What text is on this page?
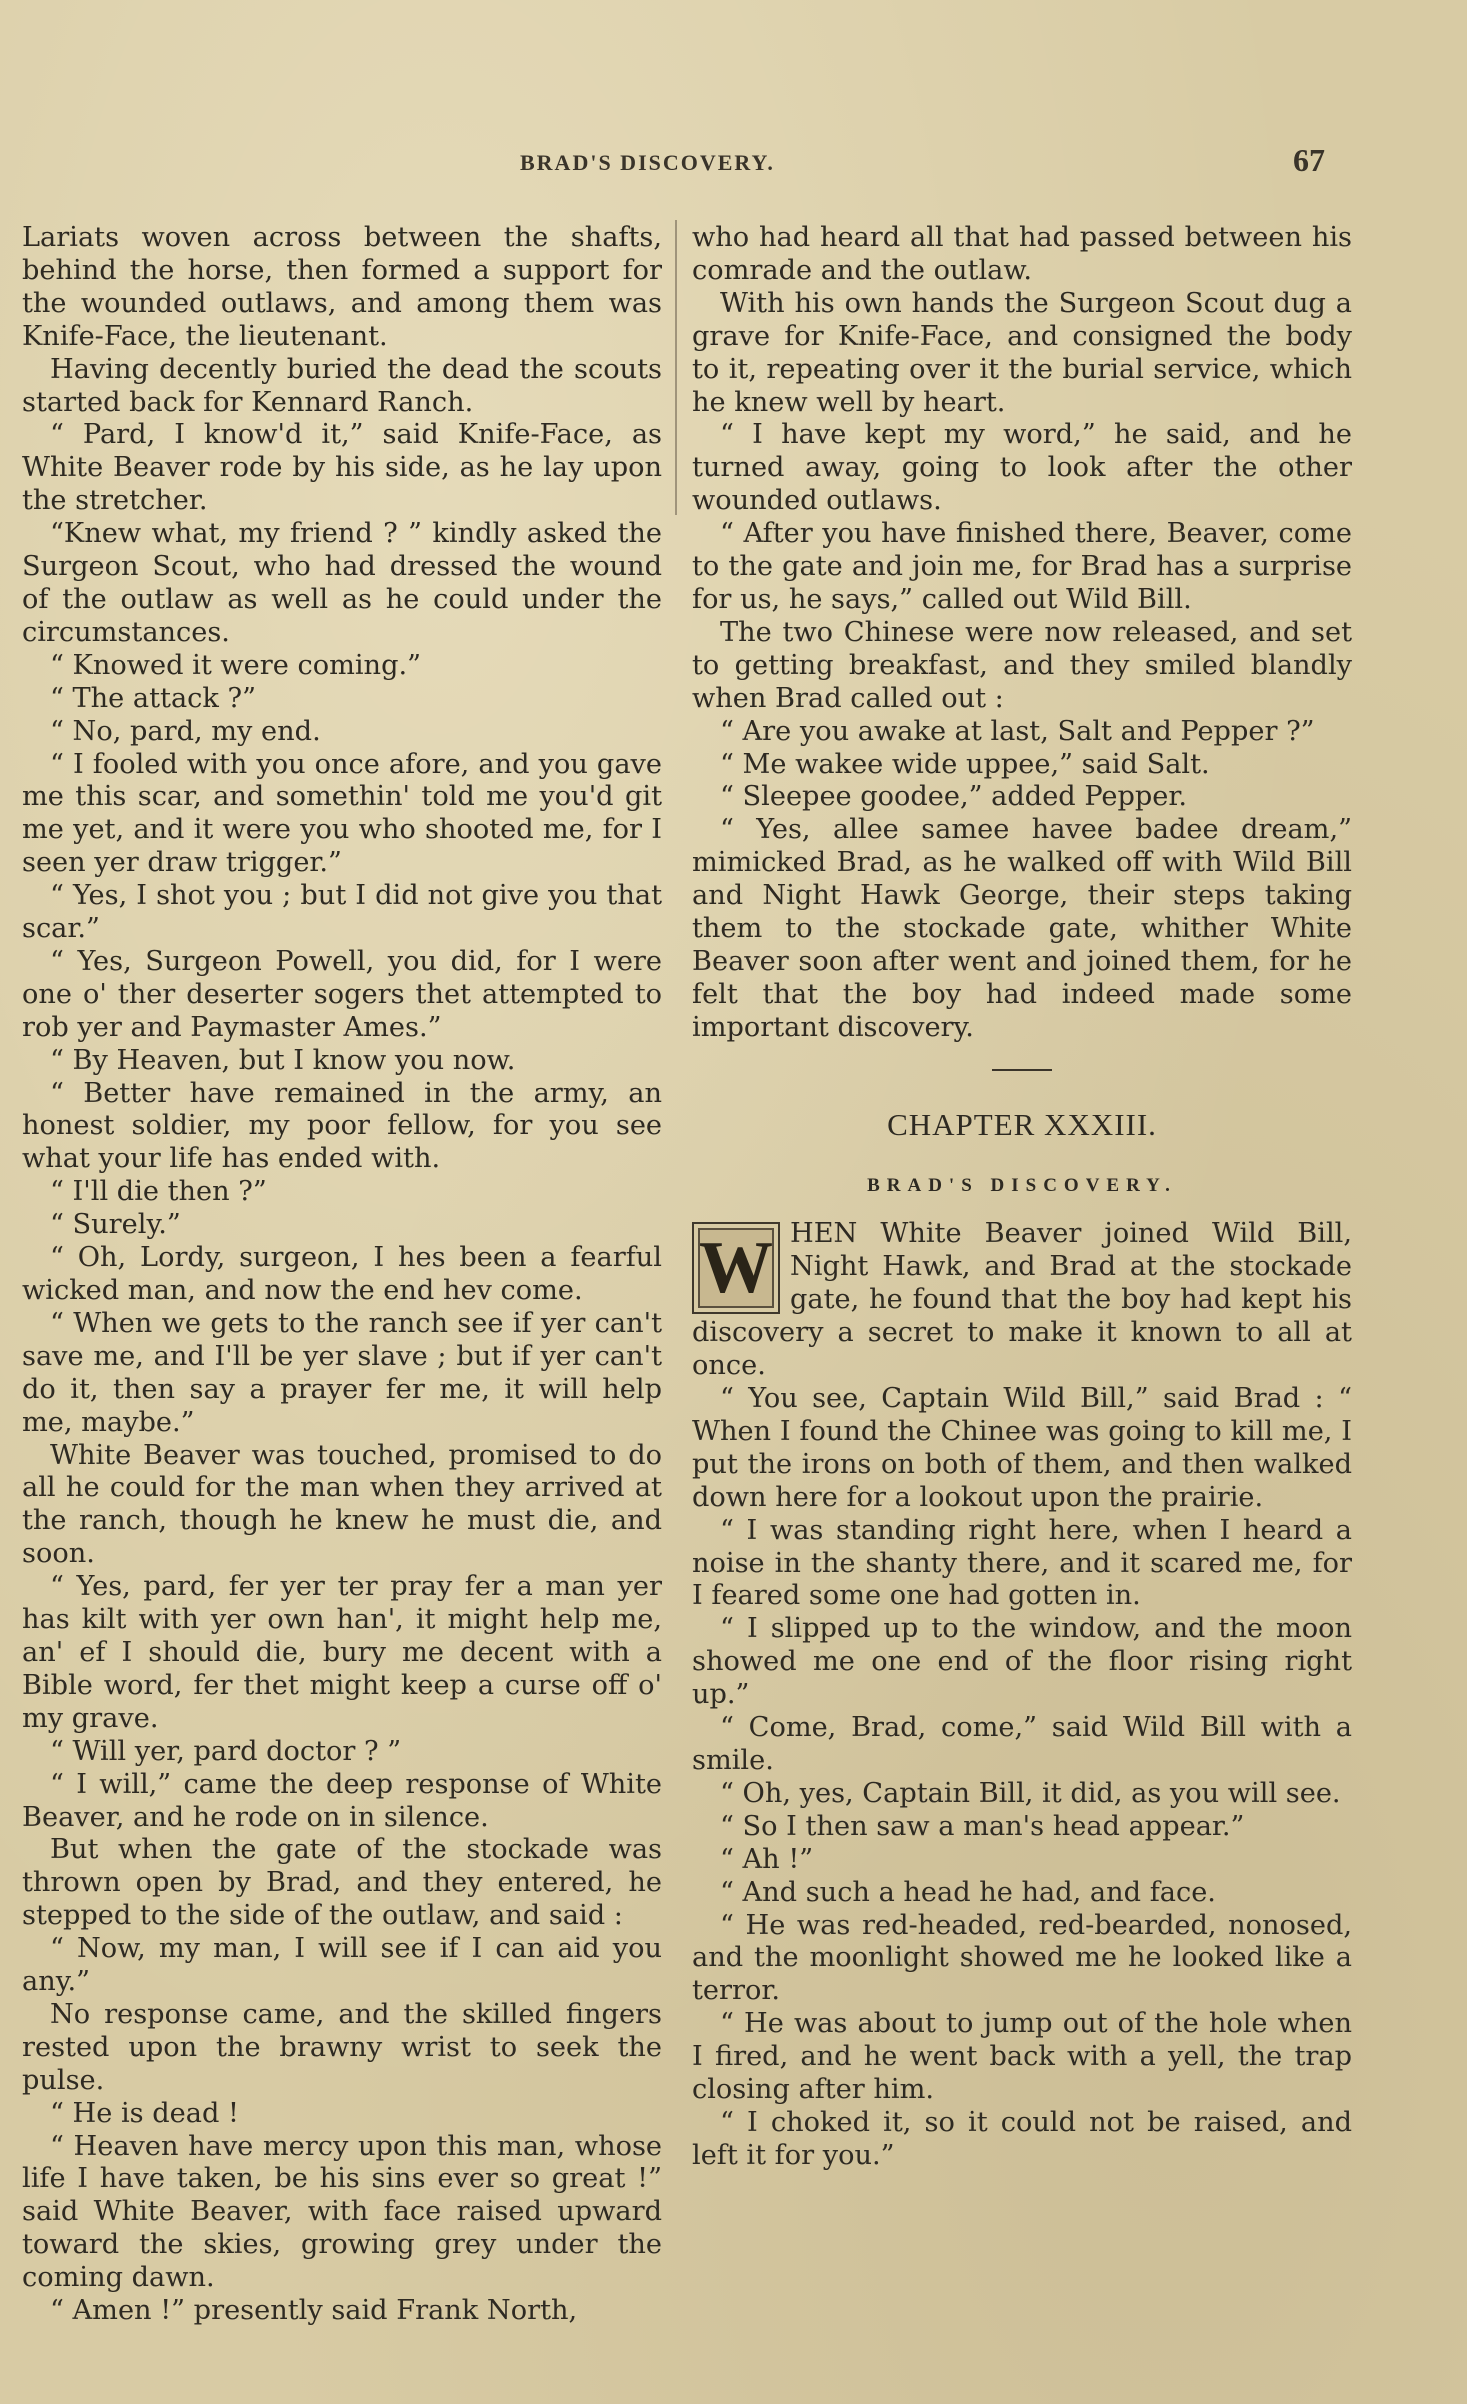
BRAD'S DISCOVERY.	67

Lariats woven across between the shafts, behind the horse, then formed a support for the wounded outlaws, and among them was Knife-Face, the lieutenant.

Having decently buried the dead the scouts started back for Kennard Ranch.

“ Pard, I know'd it,” said Knife-Face, as White Beaver rode by his side, as he lay upon the stretcher.

“Knew what, my friend ? ” kindly asked the Surgeon Scout, who had dressed the wound of the outlaw as well as he could under the circumstances.

“ Knowed it were coming.”

“ The attack ?”

“ No, pard, my end.

“ I fooled with you once afore, and you gave me this scar, and somethin' told me you'd git me yet, and it were you who shooted me, for I seen yer draw trigger.”

“ Yes, I shot you ; but I did not give you that scar.”

“ Yes, Surgeon Powell, you did, for I were one o' ther deserter sogers thet attempted to rob yer and Paymaster Ames.”

“ By Heaven, but I know you now.

“ Better have remained in the army, an honest soldier, my poor fellow, for you see what your life has ended with.

“ I'll die then ?”

“ Surely.”

“ Oh, Lordy, surgeon, I hes been a fearful wicked man, and now the end hev come.

“ When we gets to the ranch see if yer can't save me, and I'll be yer slave ; but if yer can't do it, then say a prayer fer me, it will help me, maybe.”

White Beaver was touched, promised to do all he could for the man when they arrived at the ranch, though he knew he must die, and soon.

“ Yes, pard, fer yer ter pray fer a man yer has kilt with yer own han', it might help me, an' ef I should die, bury me decent with a Bible word, fer thet might keep a curse off o' my grave.

“ Will yer, pard doctor ? ”

“ I will,” came the deep response of White Beaver, and he rode on in silence.

But when the gate of the stockade was thrown open by Brad, and they entered, he stepped to the side of the outlaw, and said :

“ Now, my man, I will see if I can aid you any.”

No response came, and the skilled fingers rested upon the brawny wrist to seek the pulse.

“ He is dead !

“ Heaven have mercy upon this man, whose life I have taken, be his sins ever so great !” said White Beaver, with face raised upward toward the skies, growing grey under the coming dawn.

“ Amen !” presently said Frank North,

who had heard all that had passed between his comrade and the outlaw.

With his own hands the Surgeon Scout dug a grave for Knife-Face, and consigned the body to it, repeating over it the burial service, which he knew well by heart.

“ I have kept my word,” he said, and he turned away, going to look after the other wounded outlaws.

“ After you have finished there, Beaver, come to the gate and join me, for Brad has a surprise for us, he says,” called out Wild Bill.

The two Chinese were now released, and set to getting breakfast, and they smiled blandly when Brad called out :

“ Are you awake at last, Salt and Pepper ?”

“ Me wakee wide uppee,” said Salt.

“ Sleepee goodee,” added Pepper.

“ Yes, allee samee havee badee dream,” mimicked Brad, as he walked off with Wild Bill and Night Hawk George, their steps taking them to the stockade gate, whither White Beaver soon after went and joined them, for he felt that the boy had indeed made some important discovery.

CHAPTER XXXIII.
BRAD'S DISCOVERY.
W HEN White Beaver joined Wild Bill, Night Hawk, and Brad at the stockade gate, he found that the boy had kept his discovery a secret to make it known to all at once.

“ You see, Captain Wild Bill,” said Brad : “ When I found the Chinee was going to kill me, I put the irons on both of them, and then walked down here for a lookout upon the prairie.

“ I was standing right here, when I heard a noise in the shanty there, and it scared me, for I feared some one had gotten in.

“ I slipped up to the window, and the moon showed me one end of the floor rising right up.”

“ Come, Brad, come,” said Wild Bill with a smile.

“ Oh, yes, Captain Bill, it did, as you will see.

“ So I then saw a man's head appear.”

“ Ah !”

“ And such a head he had, and face.

“ He was red-headed, red-bearded, nonosed, and the moonlight showed me he looked like a terror.

“ He was about to jump out of the hole when I fired, and he went back with a yell, the trap closing after him.

“ I choked it, so it could not be raised, and left it for you.”
